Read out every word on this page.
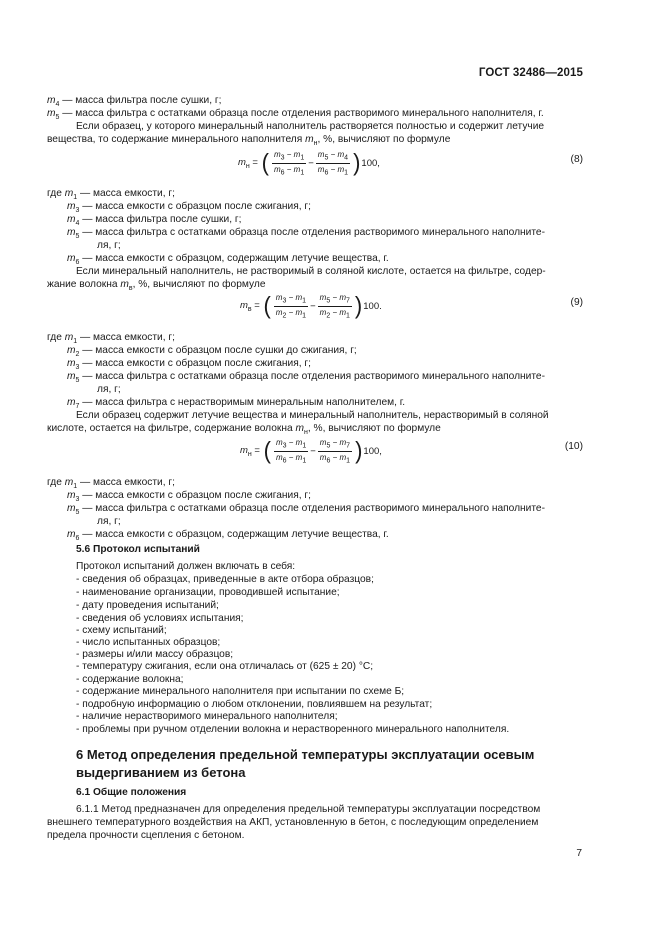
ГОСТ 32486—2015
$m_4$ — масса фильтра после сушки, г;
$m_5$ — масса фильтра с остатками образца после отделения растворимого минерального наполнителя, г.
Если образец, у которого минеральный наполнитель растворяется полностью и содержит летучие
вещества, то содержание минерального наполнителя $m_н$, %, вычисляют по формуле
$m_н$ = ( $\frac{m_3 - m_1}{m_6 - m_1} - \frac{m_5 - m_4}{m_6 - m_1}$ ) 100,	(8)
где $m_1$ — масса емкости, г;
$m_3$ — масса емкости с образцом после сжигания, г;
$m_4$ — масса фильтра после сушки, г;
$m_5$ — масса фильтра с остатками образца после отделения растворимого минерального наполните-
ля, г;
$m_6$ — масса емкости с образцом, содержащим летучие вещества, г.
Если минеральный наполнитель, не растворимый в соляной кислоте, остается на фильтре, содер-
жание волокна $m_в$, %, вычисляют по формуле
$m_в$ = ( $\frac{m_3 - m_1}{m_2 - m_1} - \frac{m_5 - m_7}{m_2 - m_1}$ ) 100.	(9)
где $m_1$ — масса емкости, г;
$m_2$ — масса емкости с образцом после сушки до сжигания, г;
$m_3$ — масса емкости с образцом после сжигания, г;
$m_5$ — масса фильтра с остатками образца после отделения растворимого минерального наполните-
ля, г;
$m_7$ — масса фильтра с нерастворимым минеральным наполнителем, г.
Если образец содержит летучие вещества и минеральный наполнитель, нерастворимый в соляной
кислоте, остается на фильтре, содержание волокна $m_н$, %, вычисляют по формуле
$m_н$ = ( $\frac{m_3 - m_1}{m_6 - m_1} - \frac{m_5 - m_7}{m_6 - m_1}$ ) 100,	(10)
где $m_1$ — масса емкости, г;
$m_3$ — масса емкости с образцом после сжигания, г;
$m_5$ — масса фильтра с остатками образца после отделения растворимого минерального наполните-
ля, г;
$m_6$ — масса емкости с образцом, содержащим летучие вещества, г.
5.6 Протокол испытаний
Протокол испытаний должен включать в себя:
- сведения об образцах, приведенные в акте отбора образцов;
- наименование организации, проводившей испытание;
- дату проведения испытаний;
- сведения об условиях испытания;
- схему испытаний;
- число испытанных образцов;
- размеры и/или массу образцов;
- температуру сжигания, если она отличалась от (625 ± 20) °С;
- содержание волокна;
- содержание минерального наполнителя при испытании по схеме Б;
- подробную информацию о любом отклонении, повлиявшем на результат;
- наличие нерастворимого минерального наполнителя;
- проблемы при ручном отделении волокна и нерастворенного минерального наполнителя.
6 Метод определения предельной температуры эксплуатации осевым
выдергиванием из бетона
6.1 Общие положения
6.1.1 Метод предназначен для определения предельной температуры эксплуатации посредством
внешнего температурного воздействия на АКП, установленную в бетон, с последующим определением
предела прочности сцепления с бетоном.
7
